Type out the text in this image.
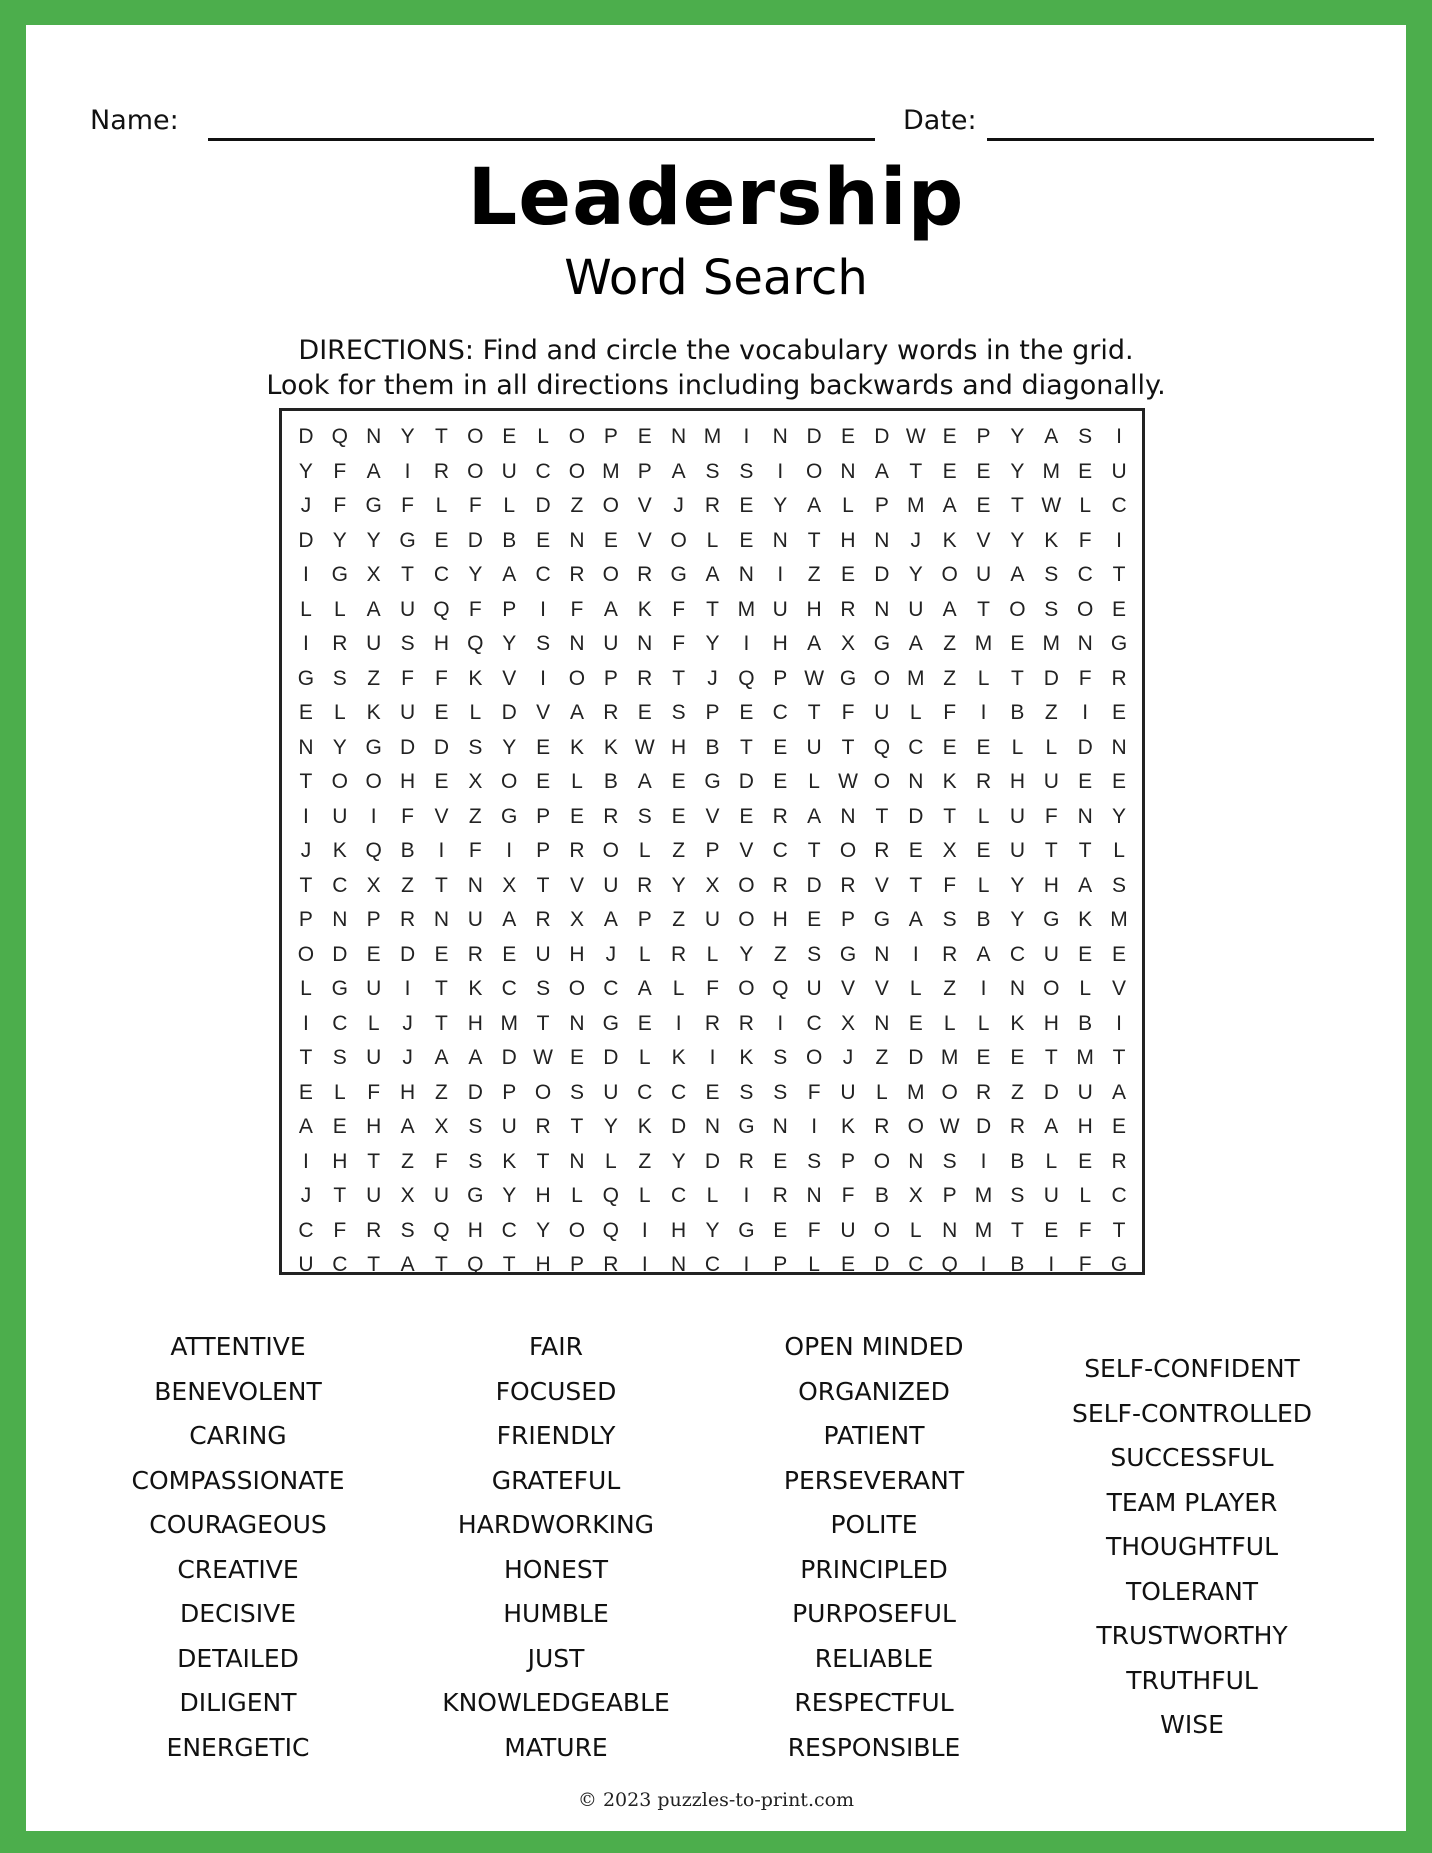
Name:	Date:
Leadership
Word Search
DIRECTIONS: Find and circle the vocabulary words in the grid.
Look for them in all directions including backwards and diagonally.
D Q N Y T O E	L O P E N M	I	N D E D W E P Y A S	I
Y F A	I	R O U C O M P A S S	I	O N A T E E Y M E U
J	F G F	L	F	L D Z O V	J	R E Y A	L	P M A E T W L C
D Y Y G E D B E N E V O L	E N T H N	J	K V Y K F	I
I	G X T C Y A C R O R G A N	I	Z E D Y O U A S C T
L	L	A U Q F P	I	F A K F	T M U H R N U A T O S O E
I	R U S H Q Y S N U N F Y	I	H A X G A Z M E M N G
G S Z	F	F K V	I	O P R T	J Q P W G O M Z	L	T D F R
E	L	K U E	L D V A R E S P E C T	F U L	F	I	B Z	I	E
N Y G D D S Y E K K W H B T E U T Q C E E	L	L D N
T O O H E X O E	L	B A E G D E	L W O N K R H U E E
I	U	I	F V Z G P E R S E V E R A N T D T	L U F N Y
J	K Q B	I	F	I	P R O L	Z P V C T O R E X E U T	T	L
T C X Z	T N X T V U R Y X O R D R V T	F	L	Y H A S
P N P R N U A R X A P Z U O H E P G A S B Y G K M
O D E D E R E U H	J	L R L	Y Z S G N	I	R A C U E E
L G U	I	T K C S O C A	L	F O Q U V V	L	Z	I	N O L	V
I	C L	J	T H M T N G E	I	R R	I	C X N E	L	L	K H B	I
T S U	J	A A D W E D L	K	I	K S O J	Z D M E E T M T
E	L	F H Z D P O S U C C E S S F U L M O R Z D U A
A E H A X S U R T Y K D N G N	I	K R O W D R A H E
I	H T	Z	F S K T N L	Z Y D R E S P O N S	I	B	L	E R
J	T U X U G Y H L Q L C L	I	R N F B X P M S U L C
C F R S Q H C Y O Q	I	H Y G E F U O L N M T E F	T
U C T A T Q T H P R	I	N C	I	P	L	E D C Q	I	B	I	F G
ATTENTIVE
BENEVOLENT
CARING
COMPASSIONATE
COURAGEOUS
CREATIVE
DECISIVE
DETAILED
DILIGENT
ENERGETIC
FAIR
FOCUSED
FRIENDLY
GRATEFUL
HARDWORKING
HONEST
HUMBLE
JUST
KNOWLEDGEABLE
MATURE
OPEN MINDED
ORGANIZED
PATIENT
PERSEVERANT
POLITE
PRINCIPLED
PURPOSEFUL
RELIABLE
RESPECTFUL
RESPONSIBLE
SELF-CONFIDENT
SELF-CONTROLLED
SUCCESSFUL
TEAM PLAYER
THOUGHTFUL
TOLERANT
TRUSTWORTHY
TRUTHFUL
WISE
© 2023 puzzles-to-print.com
